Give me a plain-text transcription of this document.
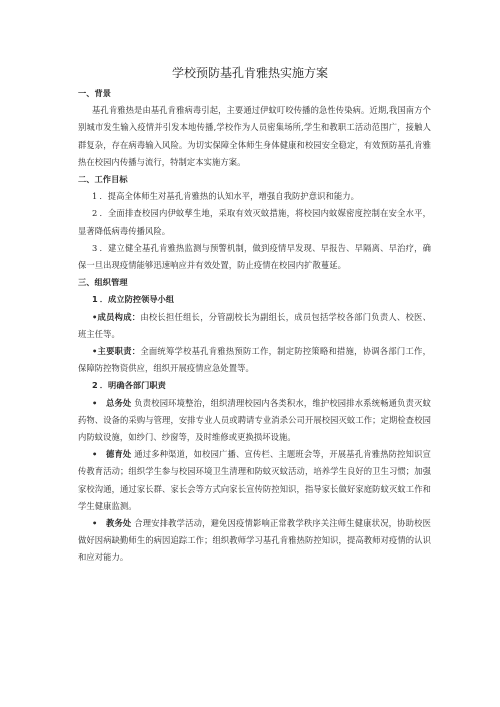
学校预防基孔肯雅热实施方案

一、背景

基孔肯雅热是由基孔肯雅病毒引起，主要通过伊蚊叮咬传播的急性传染病。近期,我国南方个别城市发生输入疫情并引发本地传播,学校作为人员密集场所,学生和教职工活动范围广，接触人群复杂，存在病毒输入风险。为切实保障全体师生身体健康和校园安全稳定，有效预防基孔肯雅热在校园内传播与流行，特制定本实施方案。

二、工作目标

1 ．提高全体师生对基孔肯雅热的认知水平，增强自我防护意识和能力。

2 ．全面排查校园内伊蚊孳生地，采取有效灭蚊措施，将校园内蚊媒密度控制在安全水平，显著降低病毒传播风险。

3 ．建立健全基孔肯雅热监测与预警机制，做到疫情早发现、早报告、早隔离、早治疗，确保一旦出现疫情能够迅速响应并有效处置，防止疫情在校园内扩散蔓延。

三、组织管理

1 ．成立防控领导小组

•成员构成：由校长担任组长，分管副校长为副组长，成员包括学校各部门负责人、校医、班主任等。

•主要职责：全面统筹学校基孔肯雅热预防工作，制定防控策略和措施，协调各部门工作，保障防控物资供应，组织开展疫情应急处置等。

2 ．明确各部门职责

•　总务处 负责校园环境整治，组织清理校园内各类积水，维护校园排水系统畅通负责灭蚊药物、设备的采购与管理，安排专业人员或聘请专业消杀公司开展校园灭蚊工作；定期检查校园内防蚊设施，如纱门、纱窗等，及时维修或更换损坏设施。

•　德育处 通过多种渠道，如校园广播、宣传栏、主题班会等，开展基孔肯雅热防控知识宣传教育活动；组织学生参与校园环境卫生清理和防蚊灭蚊活动，培养学生良好的卫生习惯；加强家校沟通，通过家长群、家长会等方式向家长宣传防控知识，指导家长做好家庭防蚊灭蚊工作和学生健康监测。

•　教务处 合理安排教学活动，避免因疫情影响正常教学秩序关注师生健康状况，协助校医做好因病缺勤师生的病因追踪工作；组织教师学习基孔肯雅热防控知识，提高教师对疫情的认识和应对能力。
